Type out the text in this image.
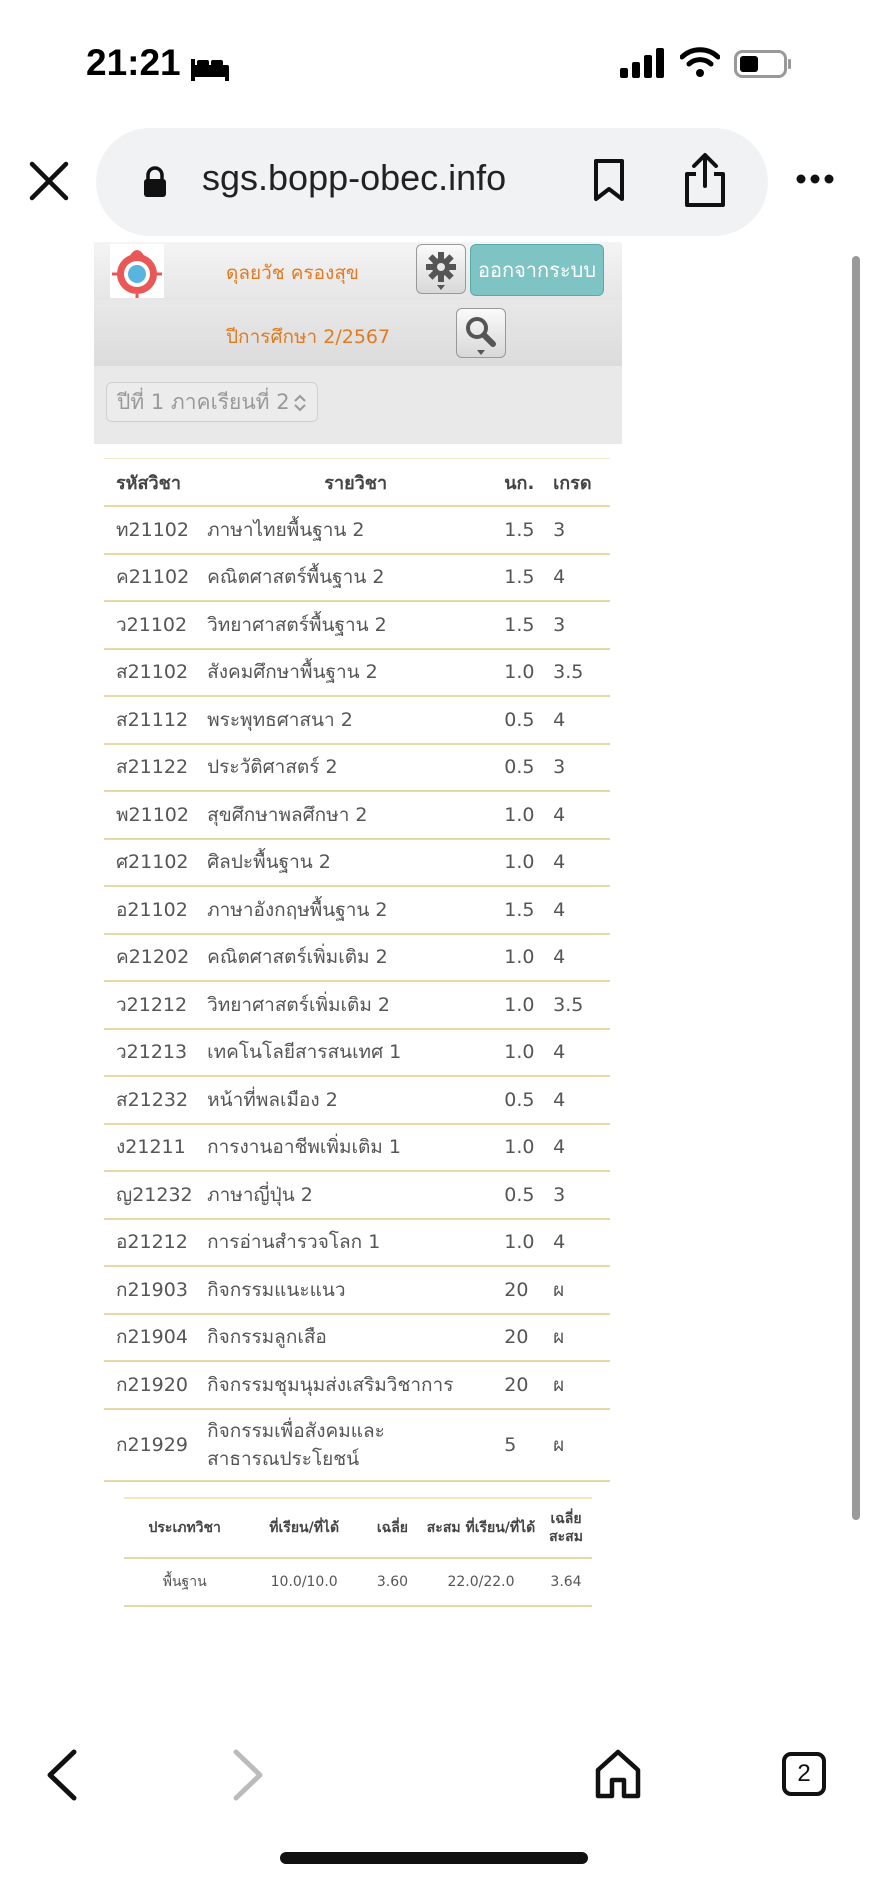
21:21
sgs.bopp-obec.info
ดุลยวัช ครองสุข	ออกจากระบบ
ปีการศึกษา 2/2567
ปีที่ 1 ภาคเรียนที่ 2
รหัสวิชา	รายวิชา	นก.	เกรด
ท21102	ภาษาไทยพื้นฐาน 2	1.5	3
ค21102	คณิตศาสตร์พื้นฐาน 2	1.5	4
ว21102	วิทยาศาสตร์พื้นฐาน 2	1.5	3
ส21102	สังคมศึกษาพื้นฐาน 2	1.0	3.5
ส21112	พระพุทธศาสนา 2	0.5	4
ส21122	ประวัติศาสตร์ 2	0.5	3
พ21102	สุขศึกษาพลศึกษา 2	1.0	4
ศ21102	ศิลปะพื้นฐาน 2	1.0	4
อ21102	ภาษาอังกฤษพื้นฐาน 2	1.5	4
ค21202	คณิตศาสตร์เพิ่มเติม 2	1.0	4
ว21212	วิทยาศาสตร์เพิ่มเติม 2	1.0	3.5
ว21213	เทคโนโลยีสารสนเทศ 1	1.0	4
ส21232	หน้าที่พลเมือง 2	0.5	4
ง21211	การงานอาชีพเพิ่มเติม 1	1.0	4
ญ21232	ภาษาญี่ปุ่น 2	0.5	3
อ21212	การอ่านสำรวจโลก 1	1.0	4
ก21903	กิจกรรมแนะแนว	20	ผ
ก21904	กิจกรรมลูกเสือ	20	ผ
ก21920	กิจกรรมชุมนุมส่งเสริมวิชาการ	20	ผ
ก21929	กิจกรรมเพื่อสังคมและสาธารณประโยชน์	5	ผ
ประเภทวิชา	ที่เรียน/ที่ได้	เฉลี่ย	สะสม ที่เรียน/ที่ได้	เฉลี่ยสะสม
พื้นฐาน	10.0/10.0	3.60	22.0/22.0	3.64
2
